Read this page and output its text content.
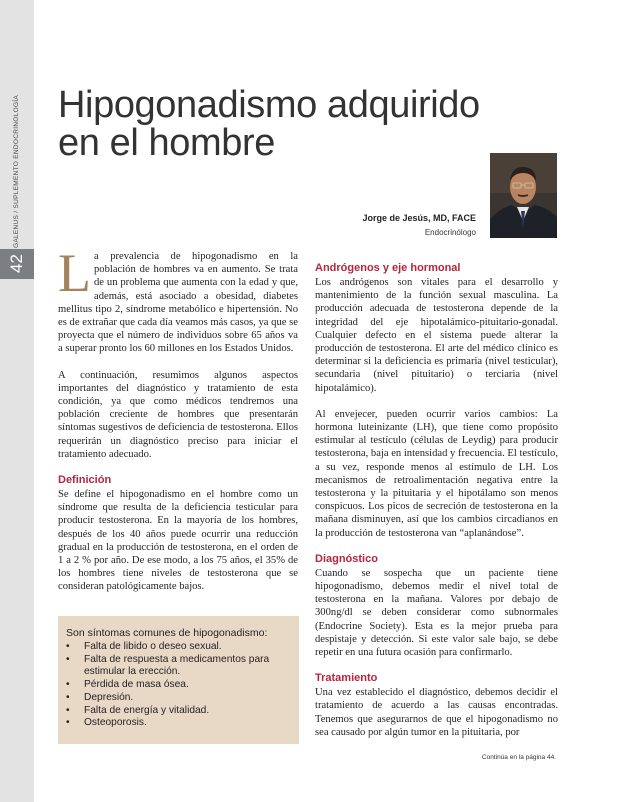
GALENUS / SUPLEMENTO ENDOCRINOLOGÍA
42
Hipogonadismo adquirido
en el hombre
Jorge de Jesús, MD, FACE
Endocrinólogo

La prevalencia de hipogonadismo en la población de hombres va en aumento. Se trata de un problema que aumenta con la edad y que, además, está asociado a obesidad, diabetes mellitus tipo 2, síndrome metabólico e hipertensión. No es de extrañar que cada día veamos más casos, ya que se proyecta que el número de individuos sobre 65 años va a superar pronto los 60 millones en los Estados Unidos.

A continuación, resumimos algunos aspectos importantes del diagnóstico y tratamiento de esta condición, ya que como médicos tendremos una población creciente de hombres que presentarán síntomas sugestivos de deficiencia de testosterona. Ellos requerirán un diagnóstico preciso para iniciar el tratamiento adecuado.

Definición

Se define el hipogonadismo en el hombre como un síndrome que resulta de la deficiencia testicular para producir testosterona. En la mayoría de los hombres, después de los 40 años puede ocurrir una reducción gradual en la producción de testosterona, en el orden de 1 a 2 % por año. De ese modo, a los 75 años, el 35% de los hombres tiene niveles de testosterona que se consideran patológicamente bajos.

Son síntomas comunes de hipogonadismo:
• Falta de libido o deseo sexual.
• Falta de respuesta a medicamentos para estimular la erección.
• Pérdida de masa ósea.
• Depresión.
• Falta de energía y vitalidad.
• Osteoporosis.
Andrógenos y eje hormonal

Los andrógenos son vitales para el desarrollo y mantenimiento de la función sexual masculina. La producción adecuada de testosterona depende de la integridad del eje hipotalámico-pituitario-gonadal. Cualquier defecto en el sistema puede alterar la producción de testosterona. El arte del médico clínico es determinar si la deficiencia es primaria (nivel testicular), secundaria (nivel pituitario) o terciaria (nivel hipotalámico).

Al envejecer, pueden ocurrir varios cambios: La hormona luteinizante (LH), que tiene como propósito estimular al testículo (células de Leydig) para producir testosterona, baja en intensidad y frecuencia. El testículo, a su vez, responde menos al estímulo de LH. Los mecanismos de retroalimentación negativa entre la testosterona y la pituitaria y el hipotálamo son menos conspicuos. Los picos de secreción de testosterona en la mañana disminuyen, así que los cambios circadianos en la producción de testosterona van “aplanándose”.

Diagnóstico

Cuando se sospecha que un paciente tiene hipogonadismo, debemos medir el nivel total de testosterona en la mañana. Valores por debajo de 300ng/dl se deben considerar como subnormales (Endocrine Society). Esta es la mejor prueba para despistaje y detección. Si este valor sale bajo, se debe repetir en una futura ocasión para confirmarlo.

Tratamiento

Una vez establecido el diagnóstico, debemos decidir el tratamiento de acuerdo a las causas encontradas. Tenemos que asegurarnos de que el hipogonadismo no sea causado por algún tumor en la pituitaria, por

Continúa en la página 44.
